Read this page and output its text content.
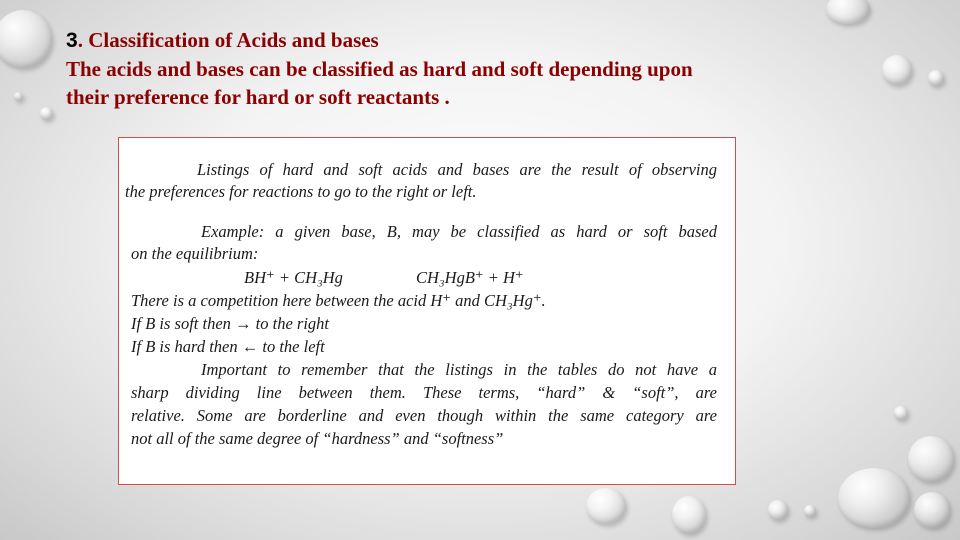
3. Classification of Acids and bases
The acids and bases can be classified as hard and soft depending upon
their preference for hard or soft reactants .
Listings of hard and soft acids and bases are the result of observing
the preferences for reactions to go to the right or left.
Example: a given base, B, may be classified as hard or soft based
on the equilibrium:
BH⁺ + CH₃Hg	CH₃HgB⁺ + H⁺
There is a competition here between the acid H⁺ and CH₃Hg⁺.
If B is soft then → to the right
If B is hard then ← to the left
Important to remember that the listings in the tables do not have a
sharp dividing line between them. These terms, “hard” & “soft”, are
relative. Some are borderline and even though within the same category are
not all of the same degree of “hardness” and “softness”
